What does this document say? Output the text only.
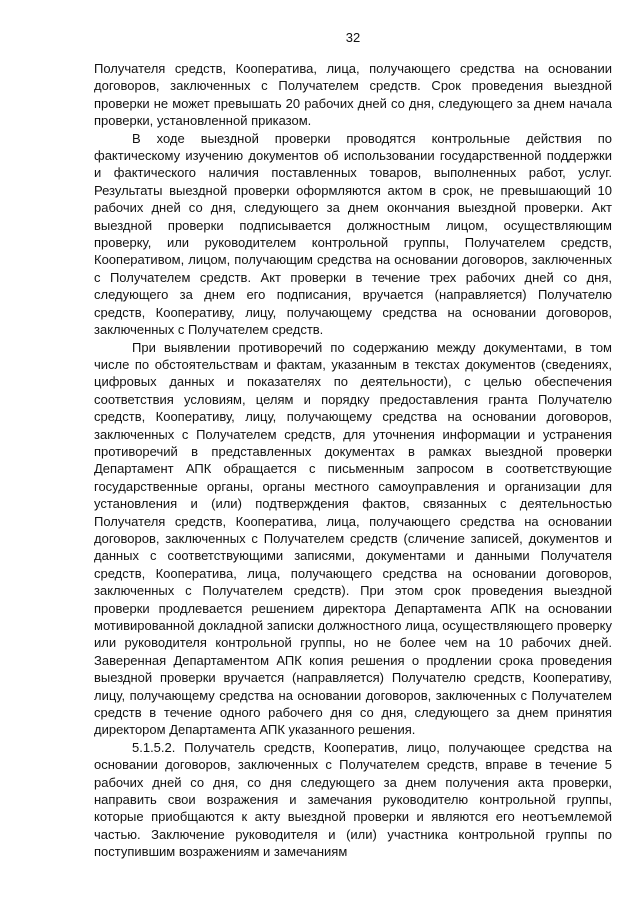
32

Получателя средств, Кооператива, лица, получающего средства на основании договоров, заключенных с Получателем средств. Срок проведения выездной проверки не может превышать 20 рабочих дней со дня, следующего за днем начала проверки, установленной приказом.

В ходе выездной проверки проводятся контрольные действия по фактическому изучению документов об использовании государственной поддержки и фактического наличия поставленных товаров, выполненных работ, услуг. Результаты выездной проверки оформляются актом в срок, не превышающий 10 рабочих дней со дня, следующего за днем окончания выездной проверки. Акт выездной проверки подписывается должностным лицом, осуществляющим проверку, или руководителем контрольной группы, Получателем средств, Кооперативом, лицом, получающим средства на основании договоров, заключенных с Получателем средств. Акт проверки в течение трех рабочих дней со дня, следующего за днем его подписания, вручается (направляется) Получателю средств, Кооперативу, лицу, получающему средства на основании договоров, заключенных с Получателем средств.

При выявлении противоречий по содержанию между документами, в том числе по обстоятельствам и фактам, указанным в текстах документов (сведениях, цифровых данных и показателях по деятельности), с целью обеспечения соответствия условиям, целям и порядку предоставления гранта Получателю средств, Кооперативу, лицу, получающему средства на основании договоров, заключенных с Получателем средств, для уточнения информации и устранения противоречий в представленных документах в рамках выездной проверки Департамент АПК обращается с письменным запросом в соответствующие государственные органы, органы местного самоуправления и организации для установления и (или) подтверждения фактов, связанных с деятельностью Получателя средств, Кооператива, лица, получающего средства на основании договоров, заключенных с Получателем средств (сличение записей, документов и данных с соответствующими записями, документами и данными Получателя средств, Кооператива, лица, получающего средства на основании договоров, заключенных с Получателем средств). При этом срок проведения выездной проверки продлевается решением директора Департамента АПК на основании мотивированной докладной записки должностного лица, осуществляющего проверку или руководителя контрольной группы, но не более чем на 10 рабочих дней. Заверенная Департаментом АПК копия решения о продлении срока проведения выездной проверки вручается (направляется) Получателю средств, Кооперативу, лицу, получающему средства на основании договоров, заключенных с Получателем средств в течение одного рабочего дня со дня, следующего за днем принятия директором Департамента АПК указанного решения.

5.1.5.2. Получатель средств, Кооператив, лицо, получающее средства на основании договоров, заключенных с Получателем средств, вправе в течение 5 рабочих дней со дня, со дня следующего за днем получения акта проверки, направить свои возражения и замечания руководителю контрольной группы, которые приобщаются к акту выездной проверки и являются его неотъемлемой частью. Заключение руководителя и (или) участника контрольной группы по поступившим возражениям и замечаниям
